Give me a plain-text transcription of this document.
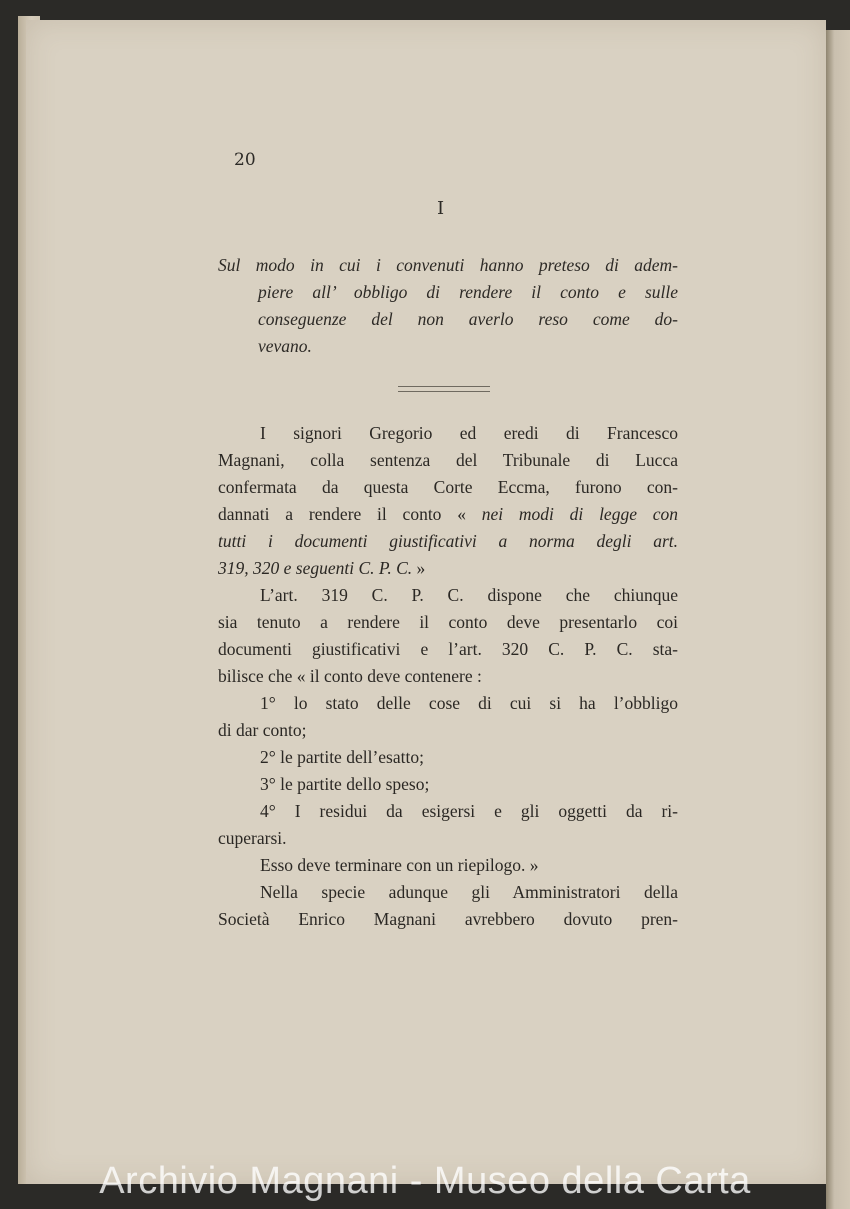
20
I
Sul modo in cui i convenuti hanno preteso di adem-
piere all’ obbligo di rendere il conto e sulle
conseguenze del non averlo reso come do-
vevano.
I signori Gregorio ed eredi di Francesco
Magnani, colla sentenza del Tribunale di Lucca
confermata da questa Corte Eccma, furono con-
dannati a rendere il conto « nei modi di legge con
tutti i documenti giustificativi a norma degli art.
319, 320 e seguenti C. P. C. »
L’art. 319 C. P. C. dispone che chiunque
sia tenuto a rendere il conto deve presentarlo coi
documenti giustificativi e l’art. 320 C. P. C. sta-
bilisce che « il conto deve contenere :
1° lo stato delle cose di cui si ha l’obbligo
di dar conto;
2° le partite dell’esatto;
3° le partite dello speso;
4° I residui da esigersi e gli oggetti da ri-
cuperarsi.
Esso deve terminare con un riepilogo. »
Nella specie adunque gli Amministratori della
Società Enrico Magnani avrebbero dovuto pren-
Archivio Magnani - Museo della Carta
